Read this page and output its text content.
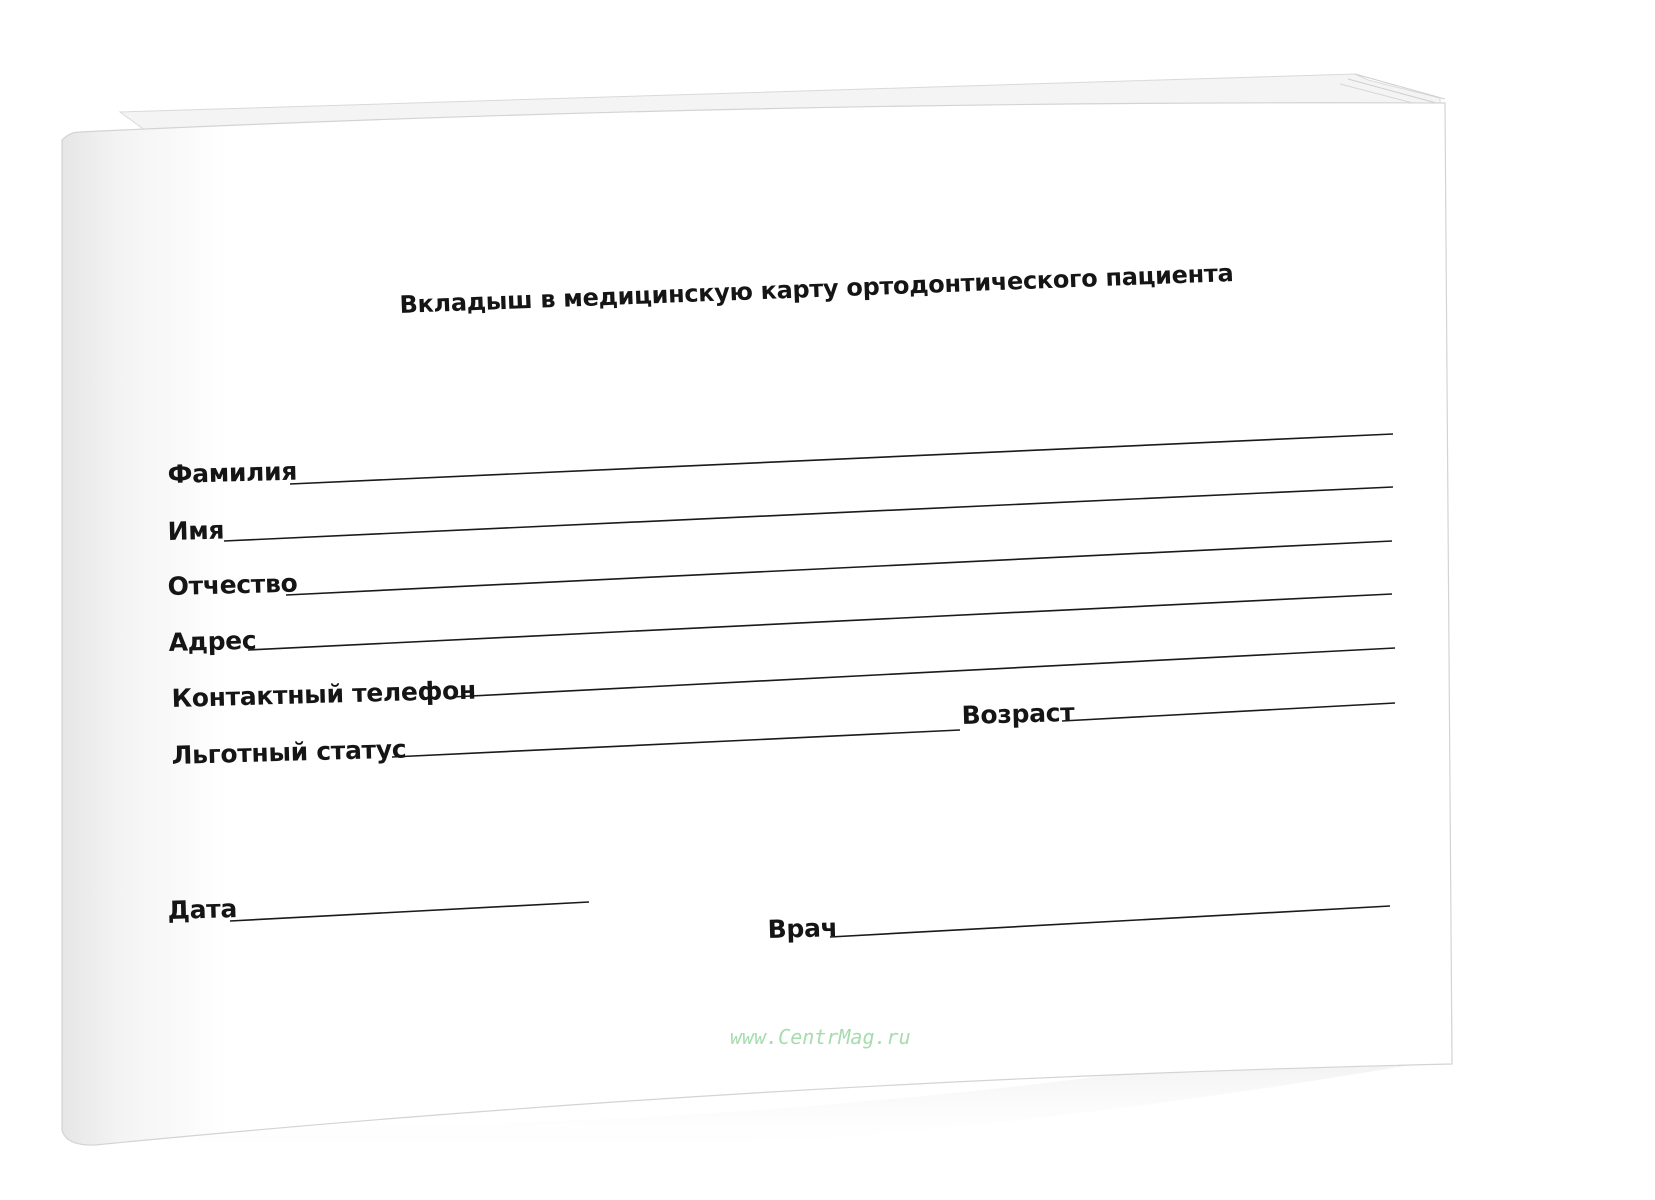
Вкладыш в медицинскую карту ортодонтического пациента

Фамилия

Имя

Отчество

Адрес

Контактный телефон

Льготный статус

Возраст

Дата

Врач

www.CentrMag.ru
